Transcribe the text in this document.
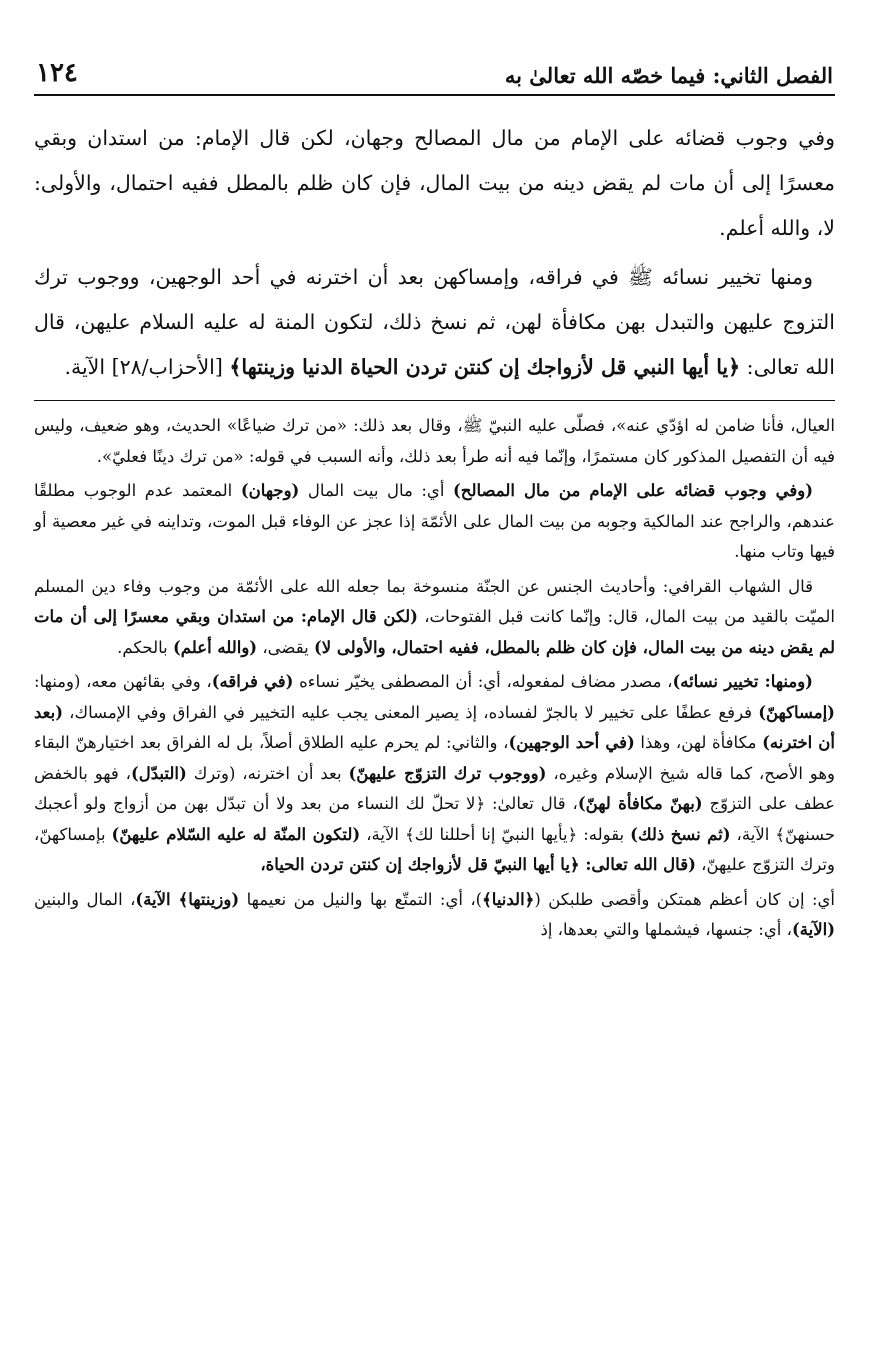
الفصل الثاني: فيما خصّه الله تعالىٰ به
١٢٤

وفي وجوب قضائه على الإمام من مال المصالح وجهان، لكن قال الإمام: من استدان وبقي معسرًا إلى أن مات لم يقض دينه من بيت المال، فإن كان ظلم بالمطل ففيه احتمال، والأولى: لا، والله أعلم.

ومنها تخيير نسائه ﷺ في فراقه، وإمساكهن بعد أن اخترنه في أحد الوجهين، ووجوب ترك التزوج عليهن والتبدل بهن مكافأة لهن، ثم نسخ ذلك، لتكون المنة له عليه السلام عليهن، قال الله تعالى: ﴿يا أيها النبي قل لأزواجك إن كنتن تردن الحياة الدنيا وزينتها﴾ [الأحزاب/٢٨] الآية.

العيال، فأنا ضامن له اؤدّي عنه»، فصلّى عليه النبيّ ﷺ، وقال بعد ذلك: «من ترك ضياعًا» الحديث، وهو ضعيف، وليس فيه أن التفصيل المذكور كان مستمرًا، وإنّما فيه أنه طرأ بعد ذلك، وأنه السبب في قوله: «من ترك دينًا فعليّ».

(وفي وجوب قضائه على الإمام من مال المصالح) أي: مال بيت المال (وجهان) المعتمد عدم الوجوب مطلقًا عندهم، والراجح عند المالكية وجوبه من بيت المال على الأئمّة إذا عجز عن الوفاء قبل الموت، وتداينه في غير معصية أو فيها وتاب منها.

قال الشهاب القرافي: وأحاديث الجنس عن الجنّة منسوخة بما جعله الله على الأئمّة من وجوب وفاء دين المسلم الميّت بالقيد من بيت المال، قال: وإنّما كانت قبل الفتوحات، (لكن قال الإمام: من استدان وبقي معسرًا إلى أن مات لم يقض دينه من بيت المال، فإن كان ظلم بالمطل، ففيه احتمال، والأولى لا) يقضى، (والله أعلم) بالحكم.

(ومنها: تخيير نسائه)، مصدر مضاف لمفعوله، أي: أن المصطفى يخيّر نساءه (في فراقه)، وفي بقائهن معه، (ومنها: (إمساكهنّ) فرفع عطفًا على تخيير لا بالجرّ لفساده، إذ يصير المعنى يجب عليه التخيير في الفراق وفي الإمساك، (بعد أن اخترنه) مكافأة لهن، وهذا (في أحد الوجهين)، والثاني: لم يحرم عليه الطلاق أصلاً، بل له الفراق بعد اختيارهنّ البقاء وهو الأصح، كما قاله شيخ الإسلام وغيره، (ووجوب ترك التزوّج عليهنّ) بعد أن اخترنه، (وترك (التبدّل)، فهو بالخفض عطف على التزوّج (بهنّ مكافأة لهنّ)، قال تعالىٰ: ﴿لا تحلّ لك النساء من بعد ولا أن تبدّل بهن من أزواج ولو أعجبك حسنهنّ﴾ الآية، (ثم نسخ ذلك) بقوله: ﴿يأيها النبيّ إنا أحللنا لك﴾ الآية، (لتكون المنّة له عليه السّلام عليهنّ) بإمساكهنّ، وترك التزوّج عليهنّ، (قال الله تعالى: ﴿يا أيها النبيّ قل لأزواجك إن كنتن تردن الحياة،

أي: إن كان أعظم همتكن وأقصى طلبكن (﴿الدنيا﴾)، أي: التمتّع بها والنيل من نعيمها (وزينتها﴾ الآية)، المال والبنين (الآية)، أي: جنسها، فيشملها والتي بعدها، إذ
